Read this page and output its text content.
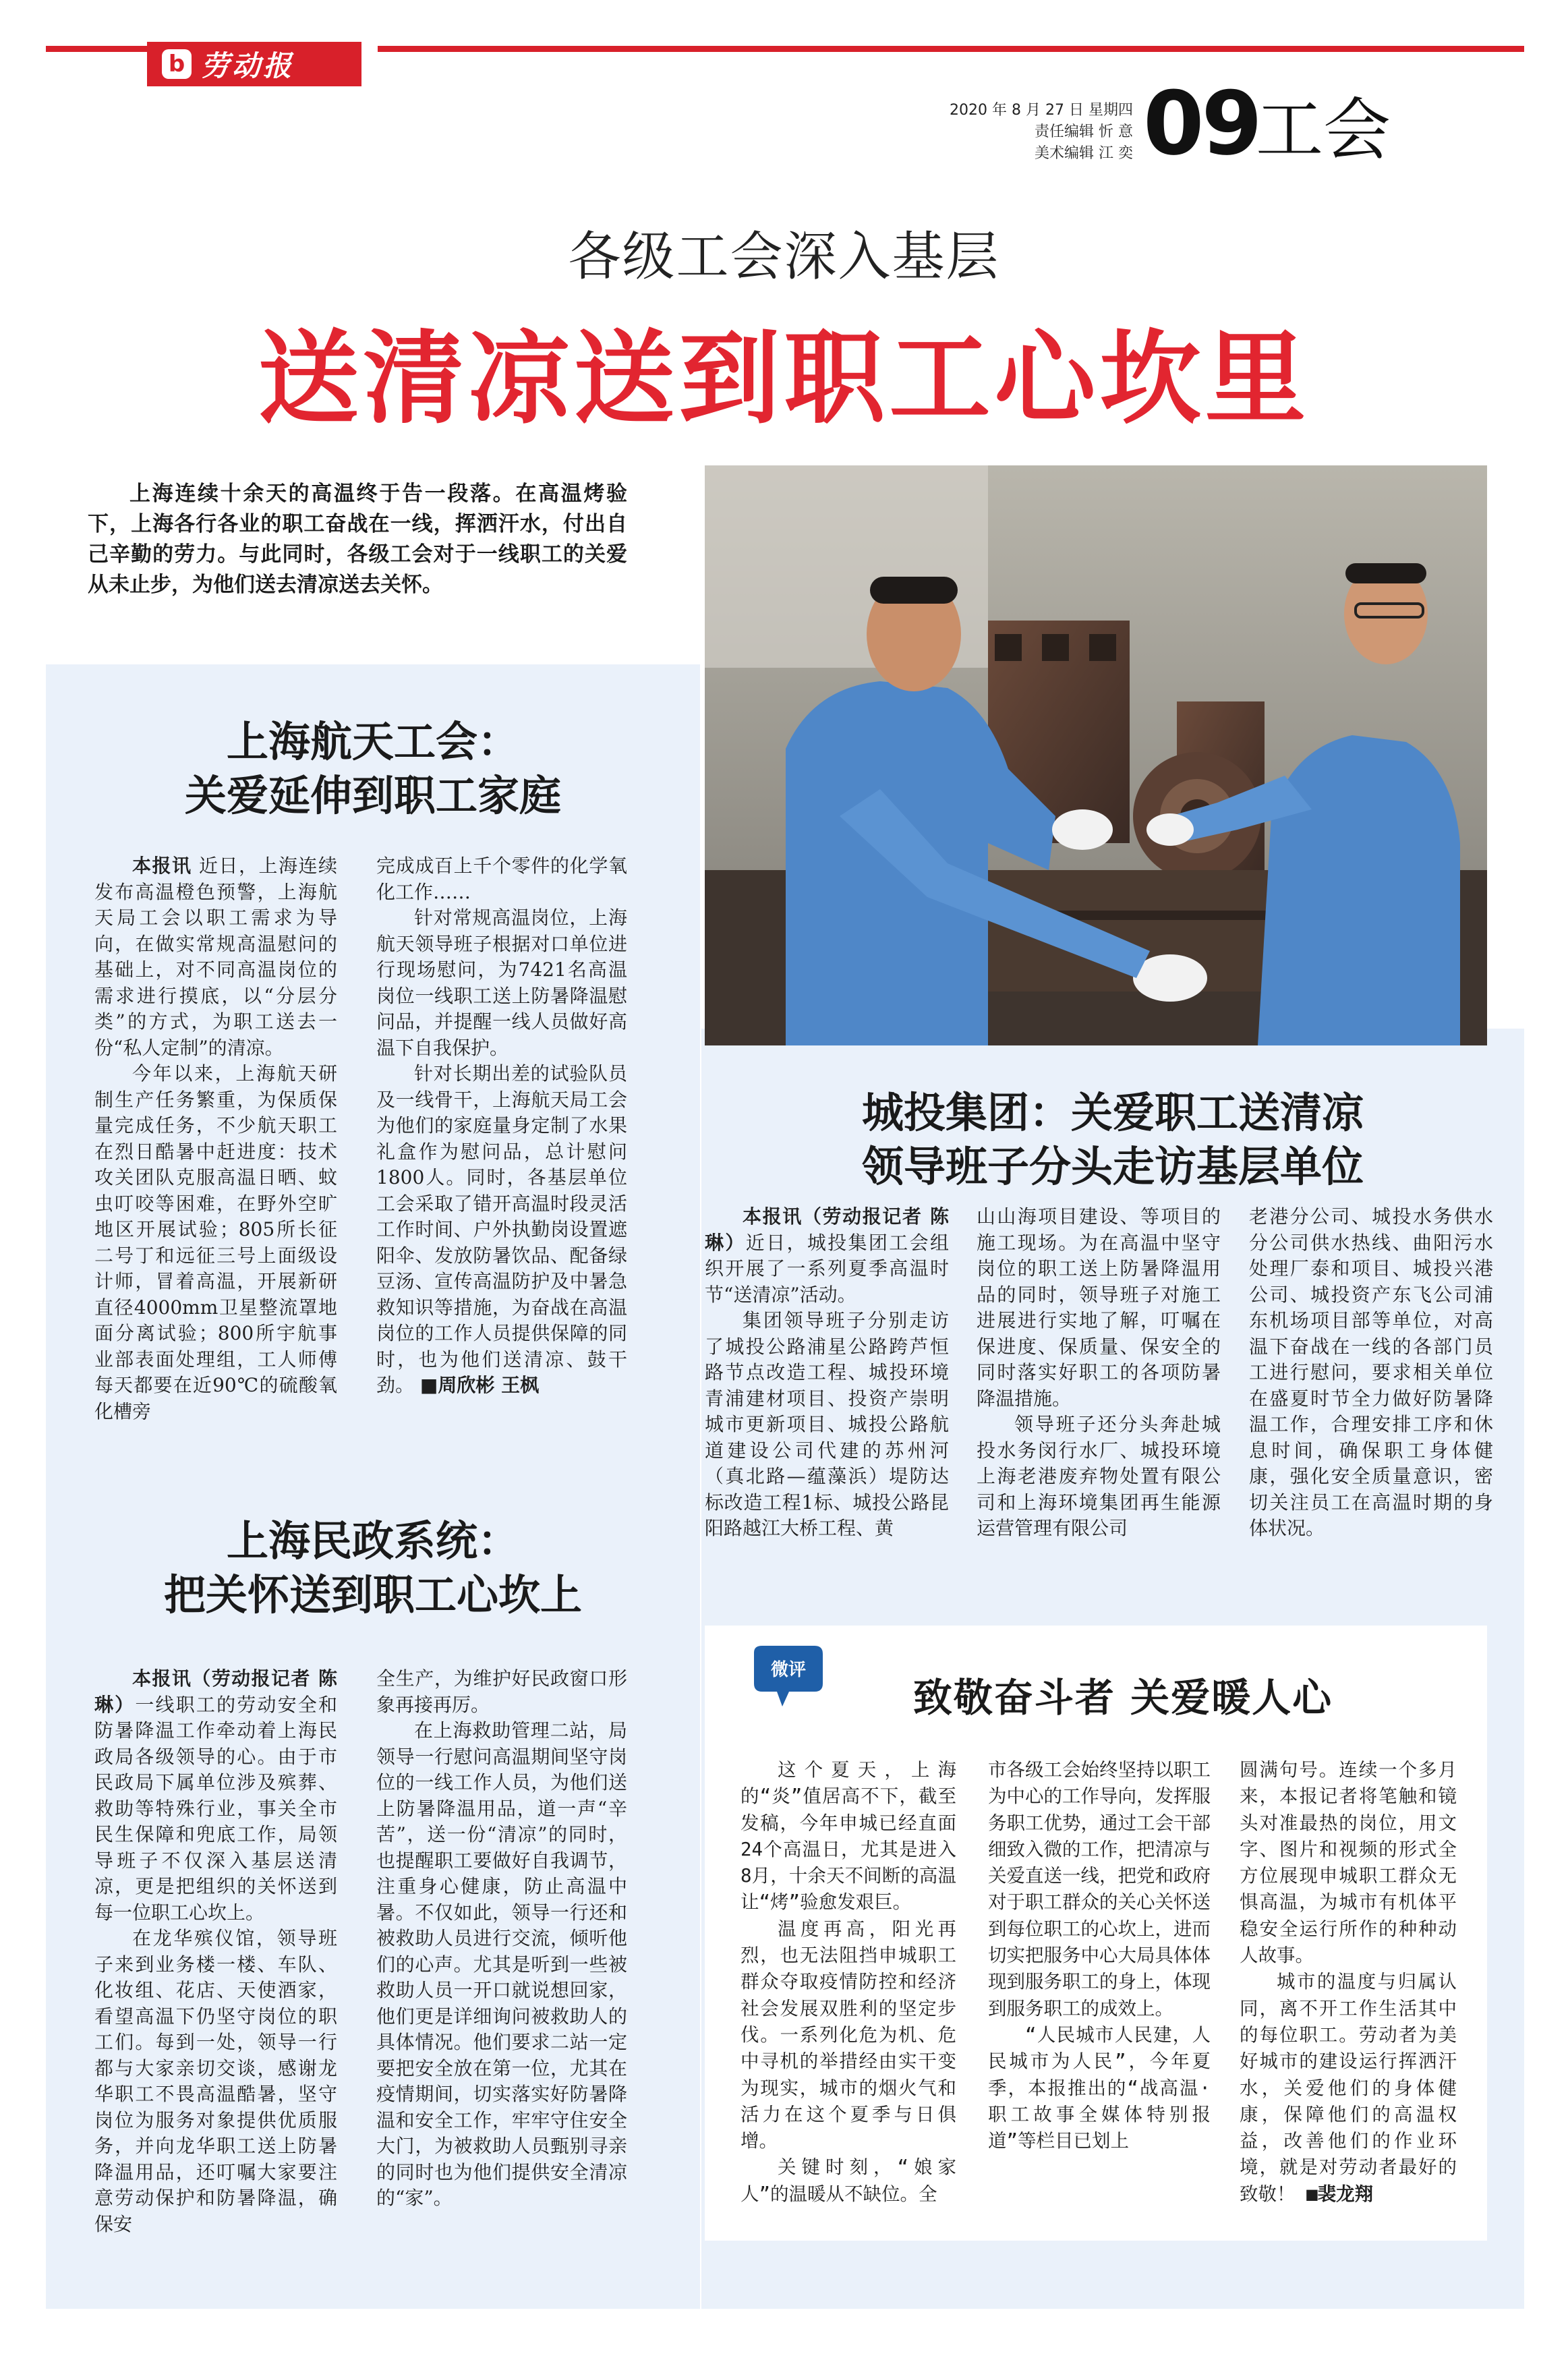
b 劳动报
2020 年 8 月 27 日 星期四
责任编辑 忻 意
美术编辑 江 奕 09
工会
各级工会深入基层
送清凉送到职工心坎里
上海连续十余天的高温终于告一段落。在高温烤验下，上海各行各业的职工奋战在一线，挥洒汗水，付出自己辛勤的劳力。与此同时，各级工会对于一线职工的关爱从未止步，为他们送去清凉送去关怀。
上海航天工会：
关爱延伸到职工家庭

本报讯 近日，上海连续发布高温橙色预警，上海航天局工会以职工需求为导向，在做实常规高温慰问的基础上，对不同高温岗位的需求进行摸底，以“分层分类”的方式，为职工送去一份“私人定制”的清凉。

今年以来，上海航天研制生产任务繁重，为保质保量完成任务，不少航天职工在烈日酷暑中赶进度：技术攻关团队克服高温日晒、蚊虫叮咬等困难，在野外空旷地区开展试验；805所长征二号丁和远征三号上面级设计师，冒着高温，开展新研直径4000mm卫星整流罩地面分离试验；800所宇航事业部表面处理组，工人师傅每天都要在近90℃的硫酸氧化槽旁

完成成百上千个零件的化学氧化工作……

针对常规高温岗位，上海航天领导班子根据对口单位进行现场慰问，为7421名高温岗位一线职工送上防暑降温慰问品，并提醒一线人员做好高温下自我保护。

针对长期出差的试验队员及一线骨干，上海航天局工会为他们的家庭量身定制了水果礼盒作为慰问品，总计慰问1800人。同时，各基层单位工会采取了错开高温时段灵活工作时间、户外执勤岗设置遮阳伞、发放防暑饮品、配备绿豆汤、宣传高温防护及中暑急救知识等措施，为奋战在高温岗位的工作人员提供保障的同时，也为他们送清凉、鼓干劲。 ■周欣彬 王枫

上海民政系统：
把关怀送到职工心坎上

本报讯（劳动报记者 陈琳）一线职工的劳动安全和防暑降温工作牵动着上海民政局各级领导的心。由于市民政局下属单位涉及殡葬、救助等特殊行业，事关全市民生保障和兜底工作，局领导班子不仅深入基层送清凉，更是把组织的关怀送到每一位职工心坎上。

在龙华殡仪馆，领导班子来到业务楼一楼、车队、化妆组、花店、天使酒家，看望高温下仍坚守岗位的职工们。每到一处，领导一行都与大家亲切交谈，感谢龙华职工不畏高温酷暑，坚守岗位为服务对象提供优质服务，并向龙华职工送上防暑降温用品，还叮嘱大家要注意劳动保护和防暑降温，确保安

全生产，为维护好民政窗口形象再接再厉。

在上海救助管理二站，局领导一行慰问高温期间坚守岗位的一线工作人员，为他们送上防暑降温用品，道一声“辛苦”，送一份“清凉”的同时，也提醒职工要做好自我调节，注重身心健康，防止高温中暑。不仅如此，领导一行还和被救助人员进行交流，倾听他们的心声。尤其是听到一些被救助人员一开口就说想回家，他们更是详细询问被救助人的具体情况。他们要求二站一定要把安全放在第一位，尤其在疫情期间，切实落实好防暑降温和安全工作，牢牢守住安全大门，为被救助人员甄别寻亲的同时也为他们提供安全清凉的“家”。

城投集团：关爱职工送清凉
领导班子分头走访基层单位

本报讯（劳动报记者 陈琳）近日，城投集团工会组织开展了一系列夏季高温时节“送清凉”活动。

集团领导班子分别走访了城投公路浦星公路跨芦恒路节点改造工程、城投环境青浦建材项目、投资产崇明城市更新项目、城投公路航道建设公司代建的苏州河（真北路—蕴藻浜）堤防达标改造工程1标、城投公路昆阳路越江大桥工程、黄

山山海项目建设、等项目的施工现场。为在高温中坚守岗位的职工送上防暑降温用品的同时，领导班子对施工进展进行实地了解，叮嘱在保进度、保质量、保安全的同时落实好职工的各项防暑降温措施。

领导班子还分头奔赴城投水务闵行水厂、城投环境上海老港废弃物处置有限公司和上海环境集团再生能源运营管理有限公司

老港分公司、城投水务供水分公司供水热线、曲阳污水处理厂泰和项目、城投兴港公司、城投资产东飞公司浦东机场项目部等单位，对高温下奋战在一线的各部门员工进行慰问，要求相关单位在盛夏时节全力做好防暑降温工作，合理安排工序和休息时间，确保职工身体健康，强化安全质量意识，密切关注员工在高温时期的身体状况。

微评
致敬奋斗者 关爱暖人心

这个夏天，上海的“炎”值居高不下，截至发稿，今年申城已经直面24个高温日，尤其是进入8月，十余天不间断的高温让“烤”验愈发艰巨。

温度再高，阳光再烈，也无法阻挡申城职工群众夺取疫情防控和经济社会发展双胜利的坚定步伐。一系列化危为机、危中寻机的举措经由实干变为现实，城市的烟火气和活力在这个夏季与日俱增。

关键时刻，“娘家人”的温暖从不缺位。全

市各级工会始终坚持以职工为中心的工作导向，发挥服务职工优势，通过工会干部细致入微的工作，把清凉与关爱直送一线，把党和政府对于职工群众的关心关怀送到每位职工的心坎上，进而切实把服务中心大局具体体现到服务职工的身上，体现到服务职工的成效上。

“人民城市人民建，人民城市为人民”，今年夏季，本报推出的“战高温·职工故事全媒体特别报道”等栏目已划上

圆满句号。连续一个多月来，本报记者将笔触和镜头对准最热的岗位，用文字、图片和视频的形式全方位展现申城职工群众无惧高温，为城市有机体平稳安全运行所作的种种动人故事。

城市的温度与归属认同，离不开工作生活其中的每位职工。劳动者为美好城市的建设运行挥洒汗水，关爱他们的身体健康，保障他们的高温权益，改善他们的作业环境，就是对劳动者最好的致敬！ ■裴龙翔
